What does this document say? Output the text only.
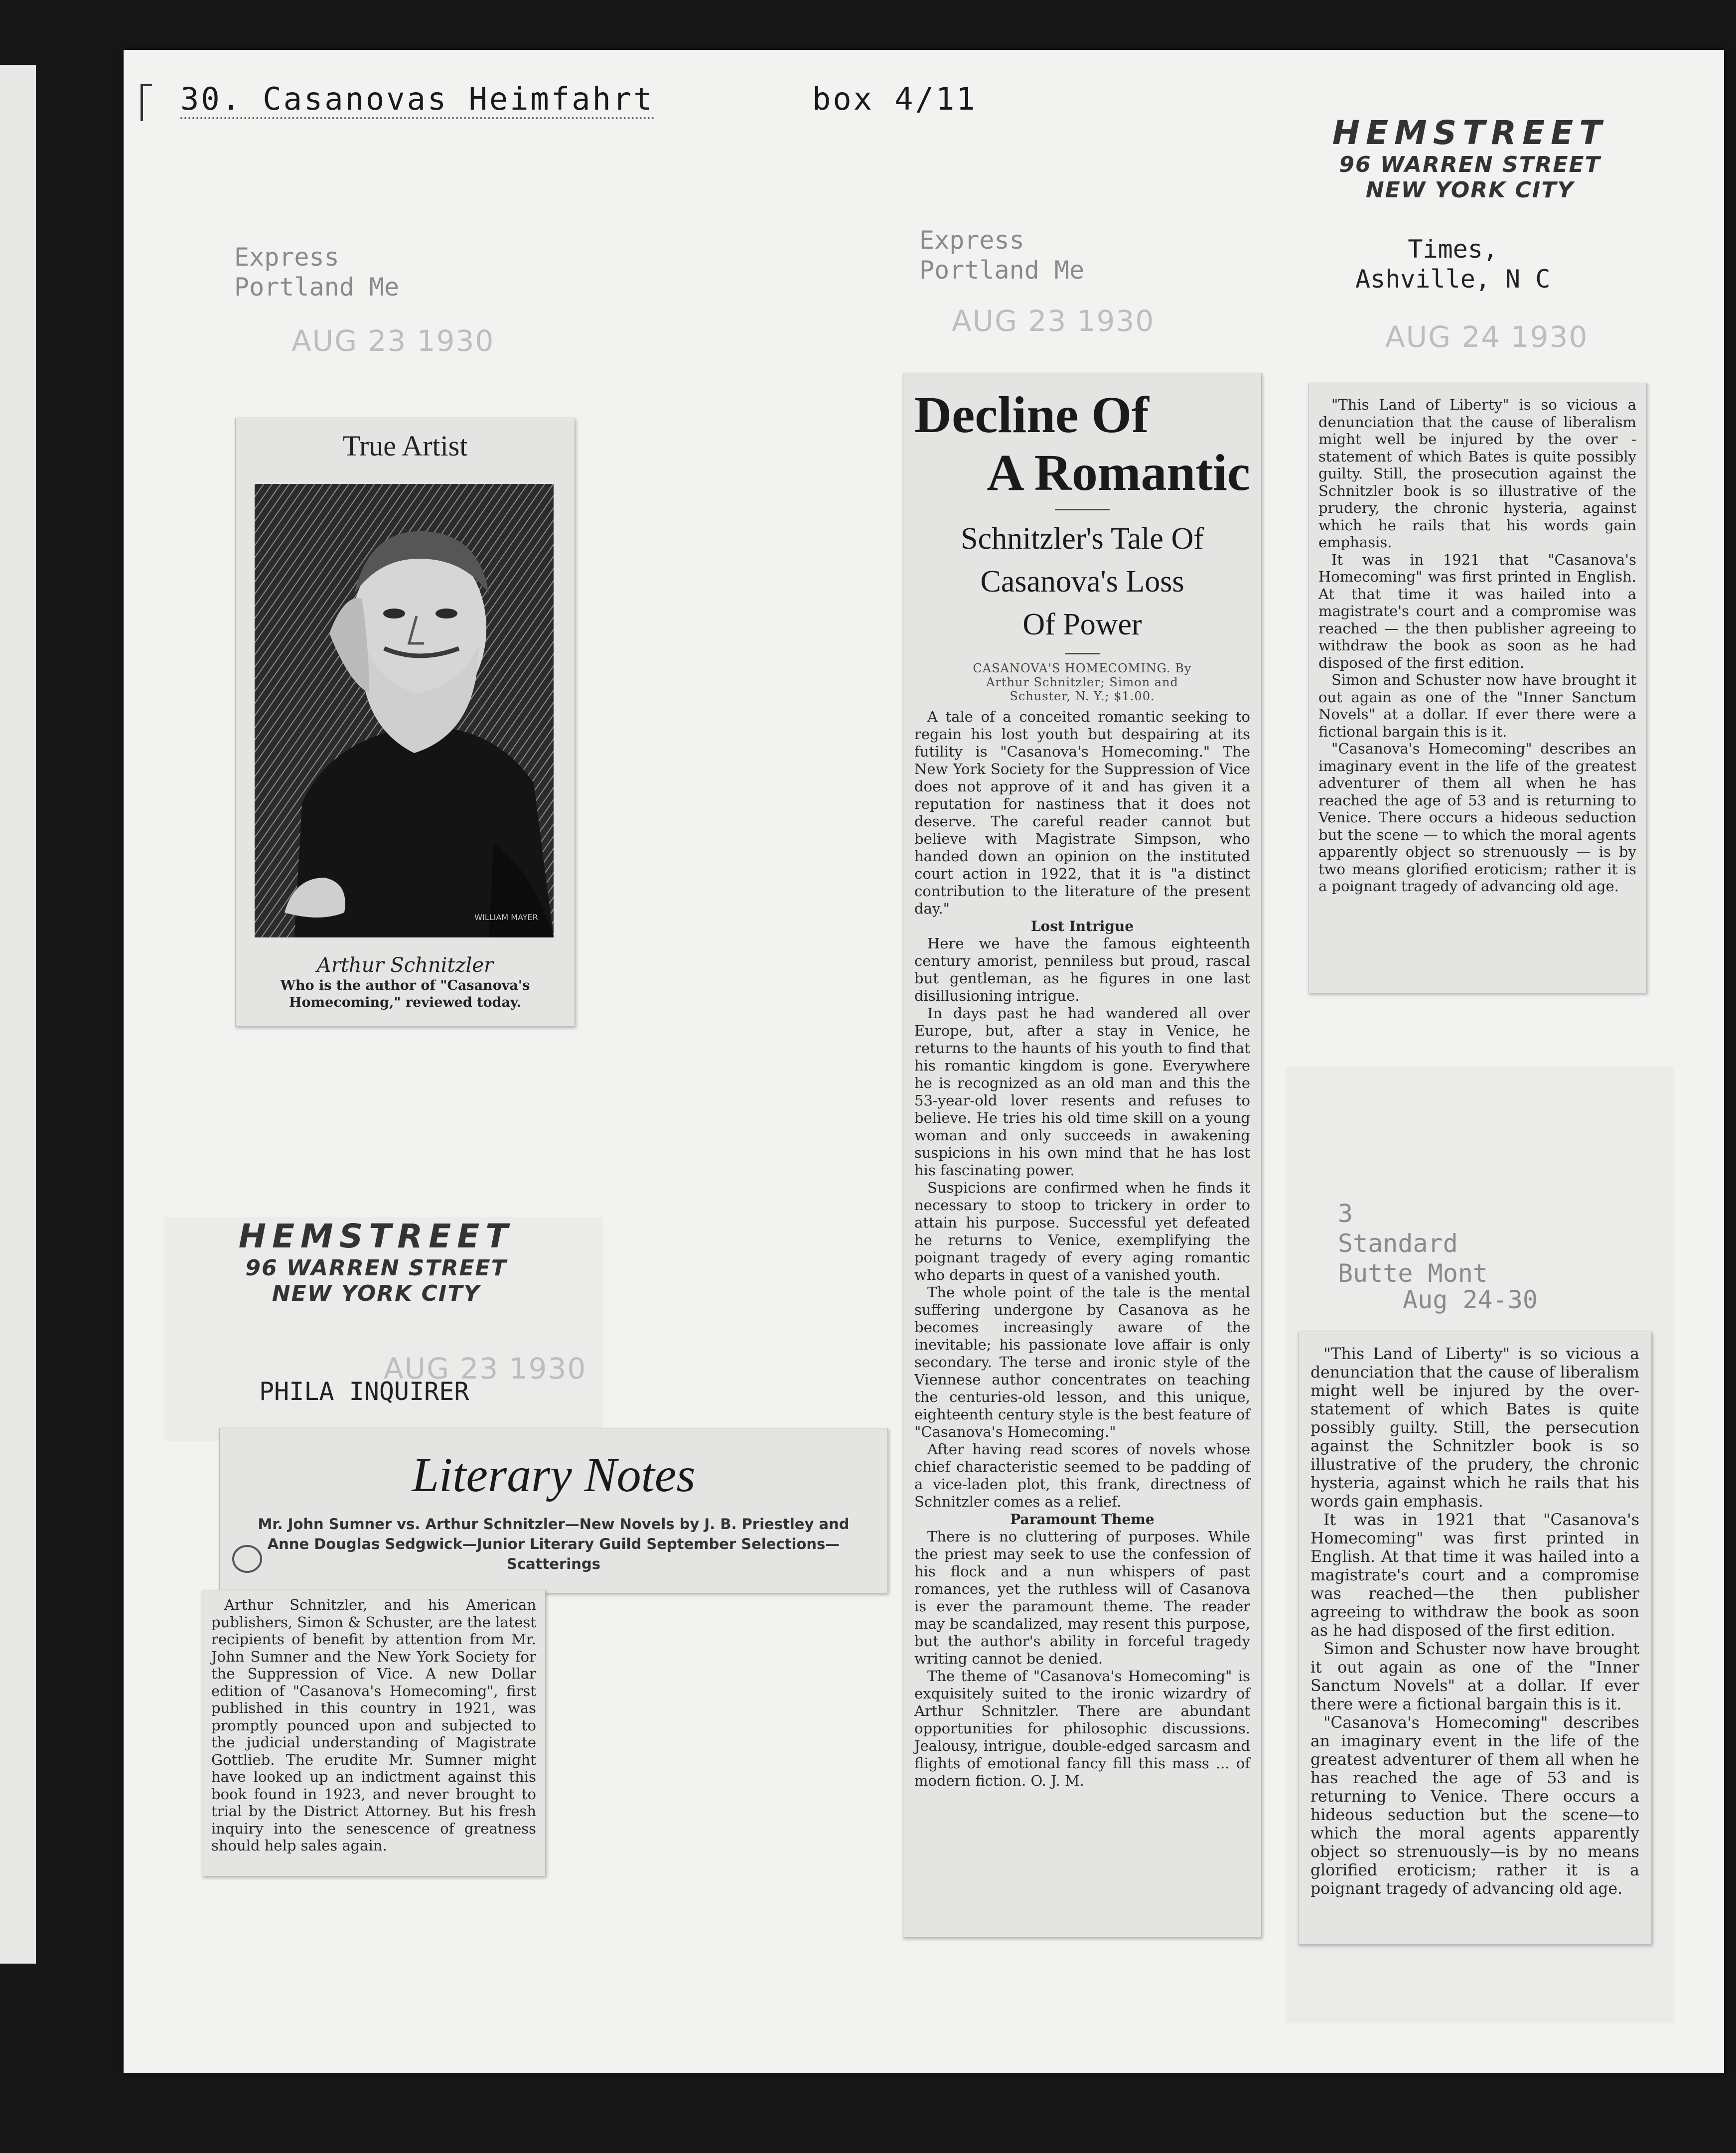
30. Casanovas Heimfahrt	box 4/11
HEMSTREET
96 WARREN STREET
NEW YORK CITY
Express
Portland Me
AUG 23 1930
True Artist
WILLIAM MAYER
Arthur Schnitzler
Who is the author of "Casanova's Homecoming," reviewed today.
HEMSTREET
96 WARREN STREET
NEW YORK CITY
AUG 23 1930
PHILA INQUIRER
Literary Notes
Mr. John Sumner vs. Arthur Schnitzler—New Novels by J. B. Priestley and Anne Douglas Sedgwick—Junior Literary Guild September Selections—Scatterings

Arthur Schnitzler, and his American publishers, Simon & Schuster, are the latest recipients of benefit by attention from Mr. John Sumner and the New York Society for the Suppression of Vice. A new Dollar edition of "Casanova's Homecoming", first published in this country in 1921, was promptly pounced upon and subjected to the judicial understanding of Magistrate Gottlieb. The erudite Mr. Sumner might have looked up an indictment against this book found in 1923, and never brought to trial by the District Attorney. But his fresh inquiry into the senescence of greatness should help sales again.

Express
Portland Me
AUG 23 1930
Decline Of
A Romantic
Schnitzler's Tale Of
Casanova's Loss
Of Power
CASANOVA'S HOMECOMING. By
Arthur Schnitzler; Simon and
Schuster, N. Y.; $1.00.

A tale of a conceited romantic seeking to regain his lost youth but despairing at its futility is "Casanova's Homecoming." The New York Society for the Suppression of Vice does not approve of it and has given it a reputation for nastiness that it does not deserve. The careful reader cannot but believe with Magistrate Simpson, who handed down an opinion on the instituted court action in 1922, that it is "a distinct contribution to the literature of the present day."

Lost Intrigue

Here we have the famous eighteenth century amorist, penniless but proud, rascal but gentleman, as he figures in one last disillusioning intrigue.

In days past he had wandered all over Europe, but, after a stay in Venice, he returns to the haunts of his youth to find that his romantic kingdom is gone. Everywhere he is recognized as an old man and this the 53-year-old lover resents and refuses to believe. He tries his old time skill on a young woman and only succeeds in awakening suspicions in his own mind that he has lost his fascinating power.

Suspicions are confirmed when he finds it necessary to stoop to trickery in order to attain his purpose. Successful yet defeated he returns to Venice, exemplifying the poignant tragedy of every aging romantic who departs in quest of a vanished youth.

The whole point of the tale is the mental suffering undergone by Casanova as he becomes increasingly aware of the inevitable; his passionate love affair is only secondary. The terse and ironic style of the Viennese author concentrates on teaching the centuries-old lesson, and this unique, eighteenth century style is the best feature of "Casanova's Homecoming."

After having read scores of novels whose chief characteristic seemed to be padding of a vice-laden plot, this frank, directness of Schnitzler comes as a relief.

Paramount Theme

There is no cluttering of purposes. While the priest may seek to use the confession of his flock and a nun whispers of past romances, yet the ruthless will of Casanova is ever the paramount theme. The reader may be scandalized, may resent this purpose, but the author's ability in forceful tragedy writing cannot be denied.

The theme of "Casanova's Homecoming" is exquisitely suited to the ironic wizardry of Arthur Schnitzler. There are abundant opportunities for philosophic discussions. Jealousy, intrigue, double-edged sarcasm and flights of emotional fancy fill this mass ... of modern fiction. O. J. M.

Times,
Ashville, N C
AUG 24 1930

"This Land of Liberty" is so vicious a denunciation that the cause of liberalism might well be injured by the over - statement of which Bates is quite possibly guilty. Still, the prosecution against the Schnitzler book is so illustrative of the prudery, the chronic hysteria, against which he rails that his words gain emphasis.

It was in 1921 that "Casanova's Homecoming" was first printed in English. At that time it was hailed into a magistrate's court and a compromise was reached — the then publisher agreeing to withdraw the book as soon as he had disposed of the first edition.

Simon and Schuster now have brought it out again as one of the "Inner Sanctum Novels" at a dollar. If ever there were a fictional bargain this is it.

"Casanova's Homecoming" describes an imaginary event in the life of the greatest adventurer of them all when he has reached the age of 53 and is returning to Venice. There occurs a hideous seduction but the scene — to which the moral agents apparently object so strenuously — is by two means glorified eroticism; rather it is a poignant tragedy of advancing old age.

3
Standard
Butte Mont
Aug 24-30

"This Land of Liberty" is so vicious a denunciation that the cause of liberalism might well be injured by the over-statement of which Bates is quite possibly guilty. Still, the persecution against the Schnitzler book is so illustrative of the prudery, the chronic hysteria, against which he rails that his words gain emphasis.

It was in 1921 that "Casanova's Homecoming" was first printed in English. At that time it was hailed into a magistrate's court and a compromise was reached—the then publisher agreeing to withdraw the book as soon as he had disposed of the first edition.

Simon and Schuster now have brought it out again as one of the "Inner Sanctum Novels" at a dollar. If ever there were a fictional bargain this is it.

"Casanova's Homecoming" describes an imaginary event in the life of the greatest adventurer of them all when he has reached the age of 53 and is returning to Venice. There occurs a hideous seduction but the scene—to which the moral agents apparently object so strenuously—is by no means glorified eroticism; rather it is a poignant tragedy of advancing old age.
